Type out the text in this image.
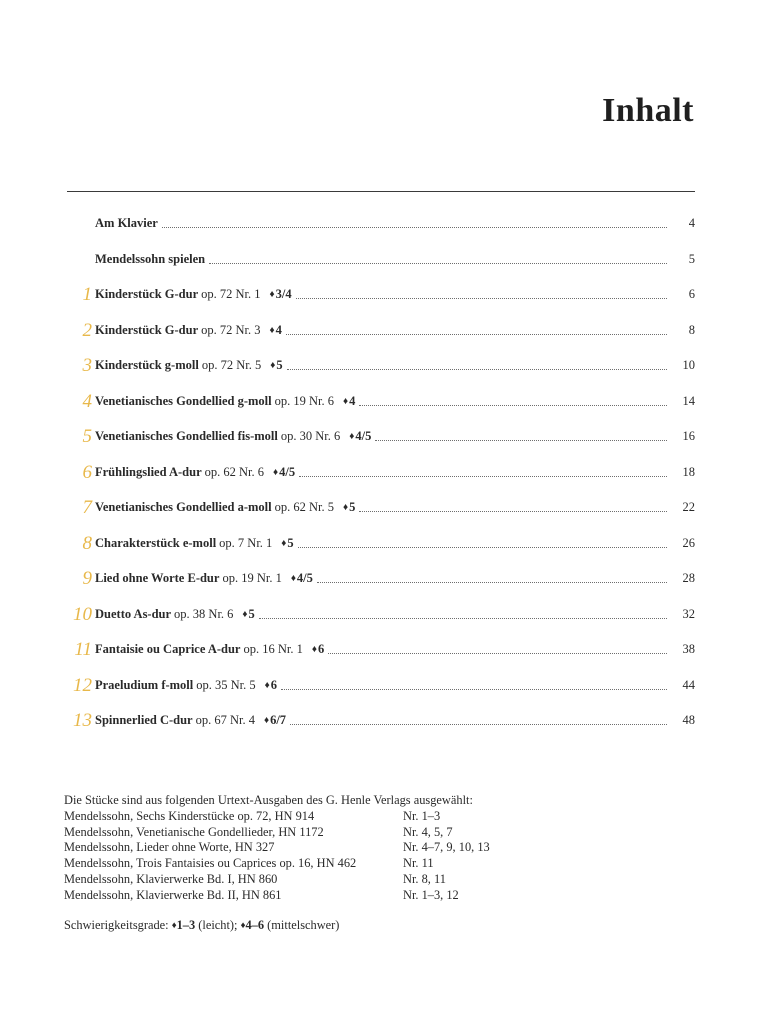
Inhalt
Am Klavier	4
Mendelssohn spielen	5
1 Kinderstück G-dur op. 72 Nr. 1 ♦3/4	6
2 Kinderstück G-dur op. 72 Nr. 3 ♦4	8
3 Kinderstück g-moll op. 72 Nr. 5 ♦5	10
4 Venetianisches Gondellied g-moll op. 19 Nr. 6 ♦4	14
5 Venetianisches Gondellied fis-moll op. 30 Nr. 6 ♦4/5	16
6 Frühlingslied A-dur op. 62 Nr. 6 ♦4/5	18
7 Venetianisches Gondellied a-moll op. 62 Nr. 5 ♦5	22
8 Charakterstück e-moll op. 7 Nr. 1 ♦5	26
9 Lied ohne Worte E-dur op. 19 Nr. 1 ♦4/5	28
10 Duetto As-dur op. 38 Nr. 6 ♦5	32
11 Fantaisie ou Caprice A-dur op. 16 Nr. 1 ♦6	38
12 Praeludium f-moll op. 35 Nr. 5 ♦6	44
13 Spinnerlied C-dur op. 67 Nr. 4 ♦6/7	48

Die Stücke sind aus folgenden Urtext-Ausgaben des G. Henle Verlags ausgewählt:

Mendelssohn, Sechs Kinderstücke op. 72, HN 914	Nr. 1–3
Mendelssohn, Venetianische Gondellieder, HN 1172	Nr. 4, 5, 7
Mendelssohn, Lieder ohne Worte, HN 327	Nr. 4–7, 9, 10, 13
Mendelssohn, Trois Fantaisies ou Caprices op. 16, HN 462	Nr. 11
Mendelssohn, Klavierwerke Bd. I, HN 860	Nr. 8, 11
Mendelssohn, Klavierwerke Bd. II, HN 861	Nr. 1–3, 12
Schwierigkeitsgrade: ♦1–3 (leicht); ♦4–6 (mittelschwer)
